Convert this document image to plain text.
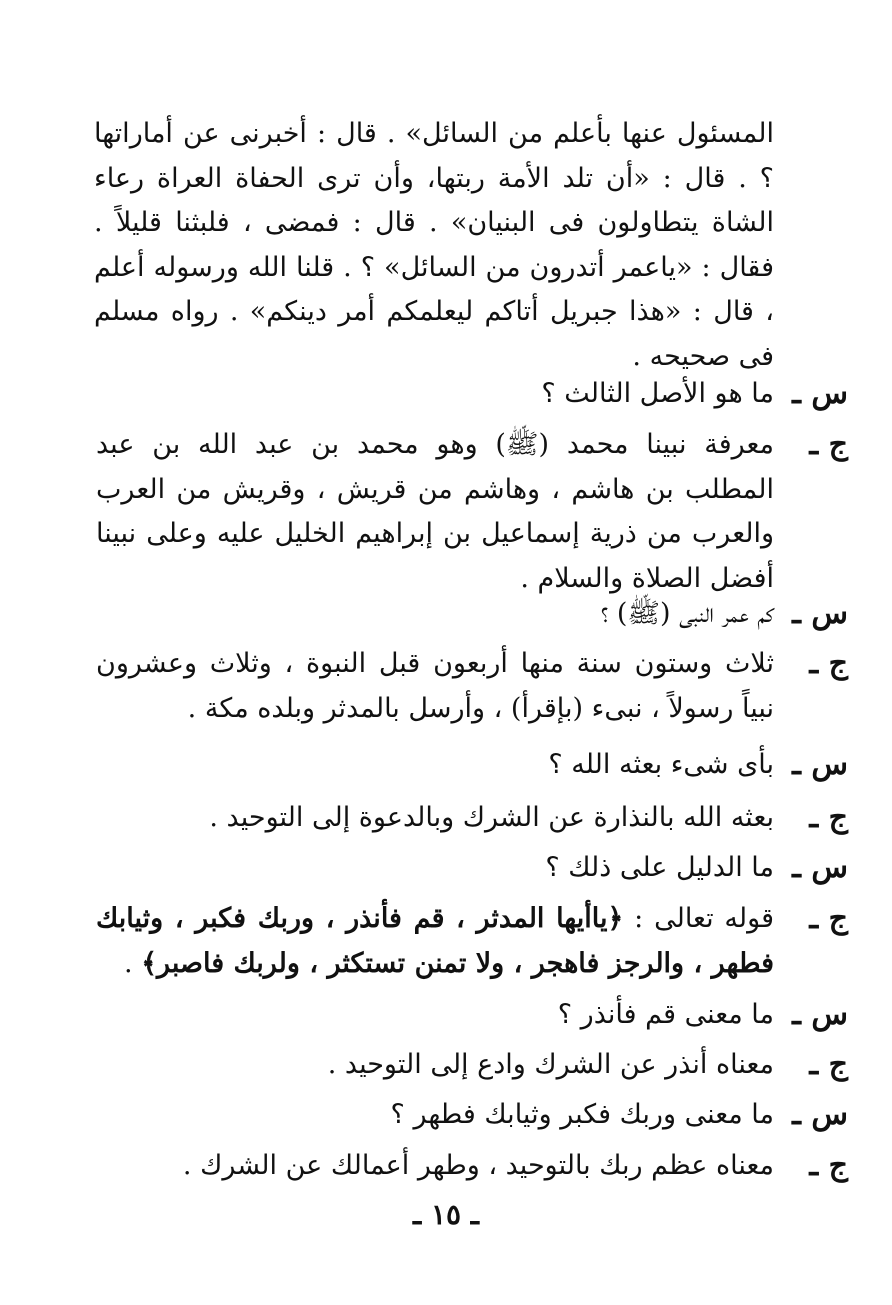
المسئول عنها بأعلم من السائل» . قال : أخبرنى عن أماراتها ؟ . قال : «أن تلد الأمة ربتها، وأن ترى الحفاة العراة رعاء الشاة يتطاولون فى البنيان» . قال : فمضى ، فلبثنا قليلاً . فقال : «ياعمر أتدرون من السائل» ؟ . قلنا الله ورسوله أعلم ، قال : «هذا جبريل أتاكم ليعلمكم أمر دينكم» . رواه مسلم فى صحيحه .

س ـ
ما هو الأصل الثالث ؟
ج ـ
معرفة نبينا محمد (ﷺ) وهو محمد بن عبد الله بن عبد المطلب بن هاشم ، وهاشم من قريش ، وقريش من العرب والعرب من ذرية إسماعيل بن إبراهيم الخليل عليه وعلى نبينا أفضل الصلاة والسلام .
س ـ
كم عمر النبى (ﷺ) ؟
ج ـ
ثلاث وستون سنة منها أربعون قبل النبوة ، وثلاث وعشرون نبياً رسولاً ، نبىء (بإقرأ) ، وأرسل بالمدثر وبلده مكة .
س ـ
بأى شىء بعثه الله ؟
ج ـ
بعثه الله بالنذارة عن الشرك وبالدعوة إلى التوحيد .
س ـ
ما الدليل على ذلك ؟
ج ـ
قوله تعالى : ﴿ياأيها المدثر ، قم فأنذر ، وربك فكبر ، وثيابك فطهر ، والرجز فاهجر ، ولا تمنن تستكثر ، ولربك فاصبر﴾ .
س ـ
ما معنى قم فأنذر ؟
ج ـ
معناه أنذر عن الشرك وادع إلى التوحيد .
س ـ
ما معنى وربك فكبر وثيابك فطهر ؟
ج ـ
معناه عظم ربك بالتوحيد ، وطهر أعمالك عن الشرك .
ـ ١٥ ـ
